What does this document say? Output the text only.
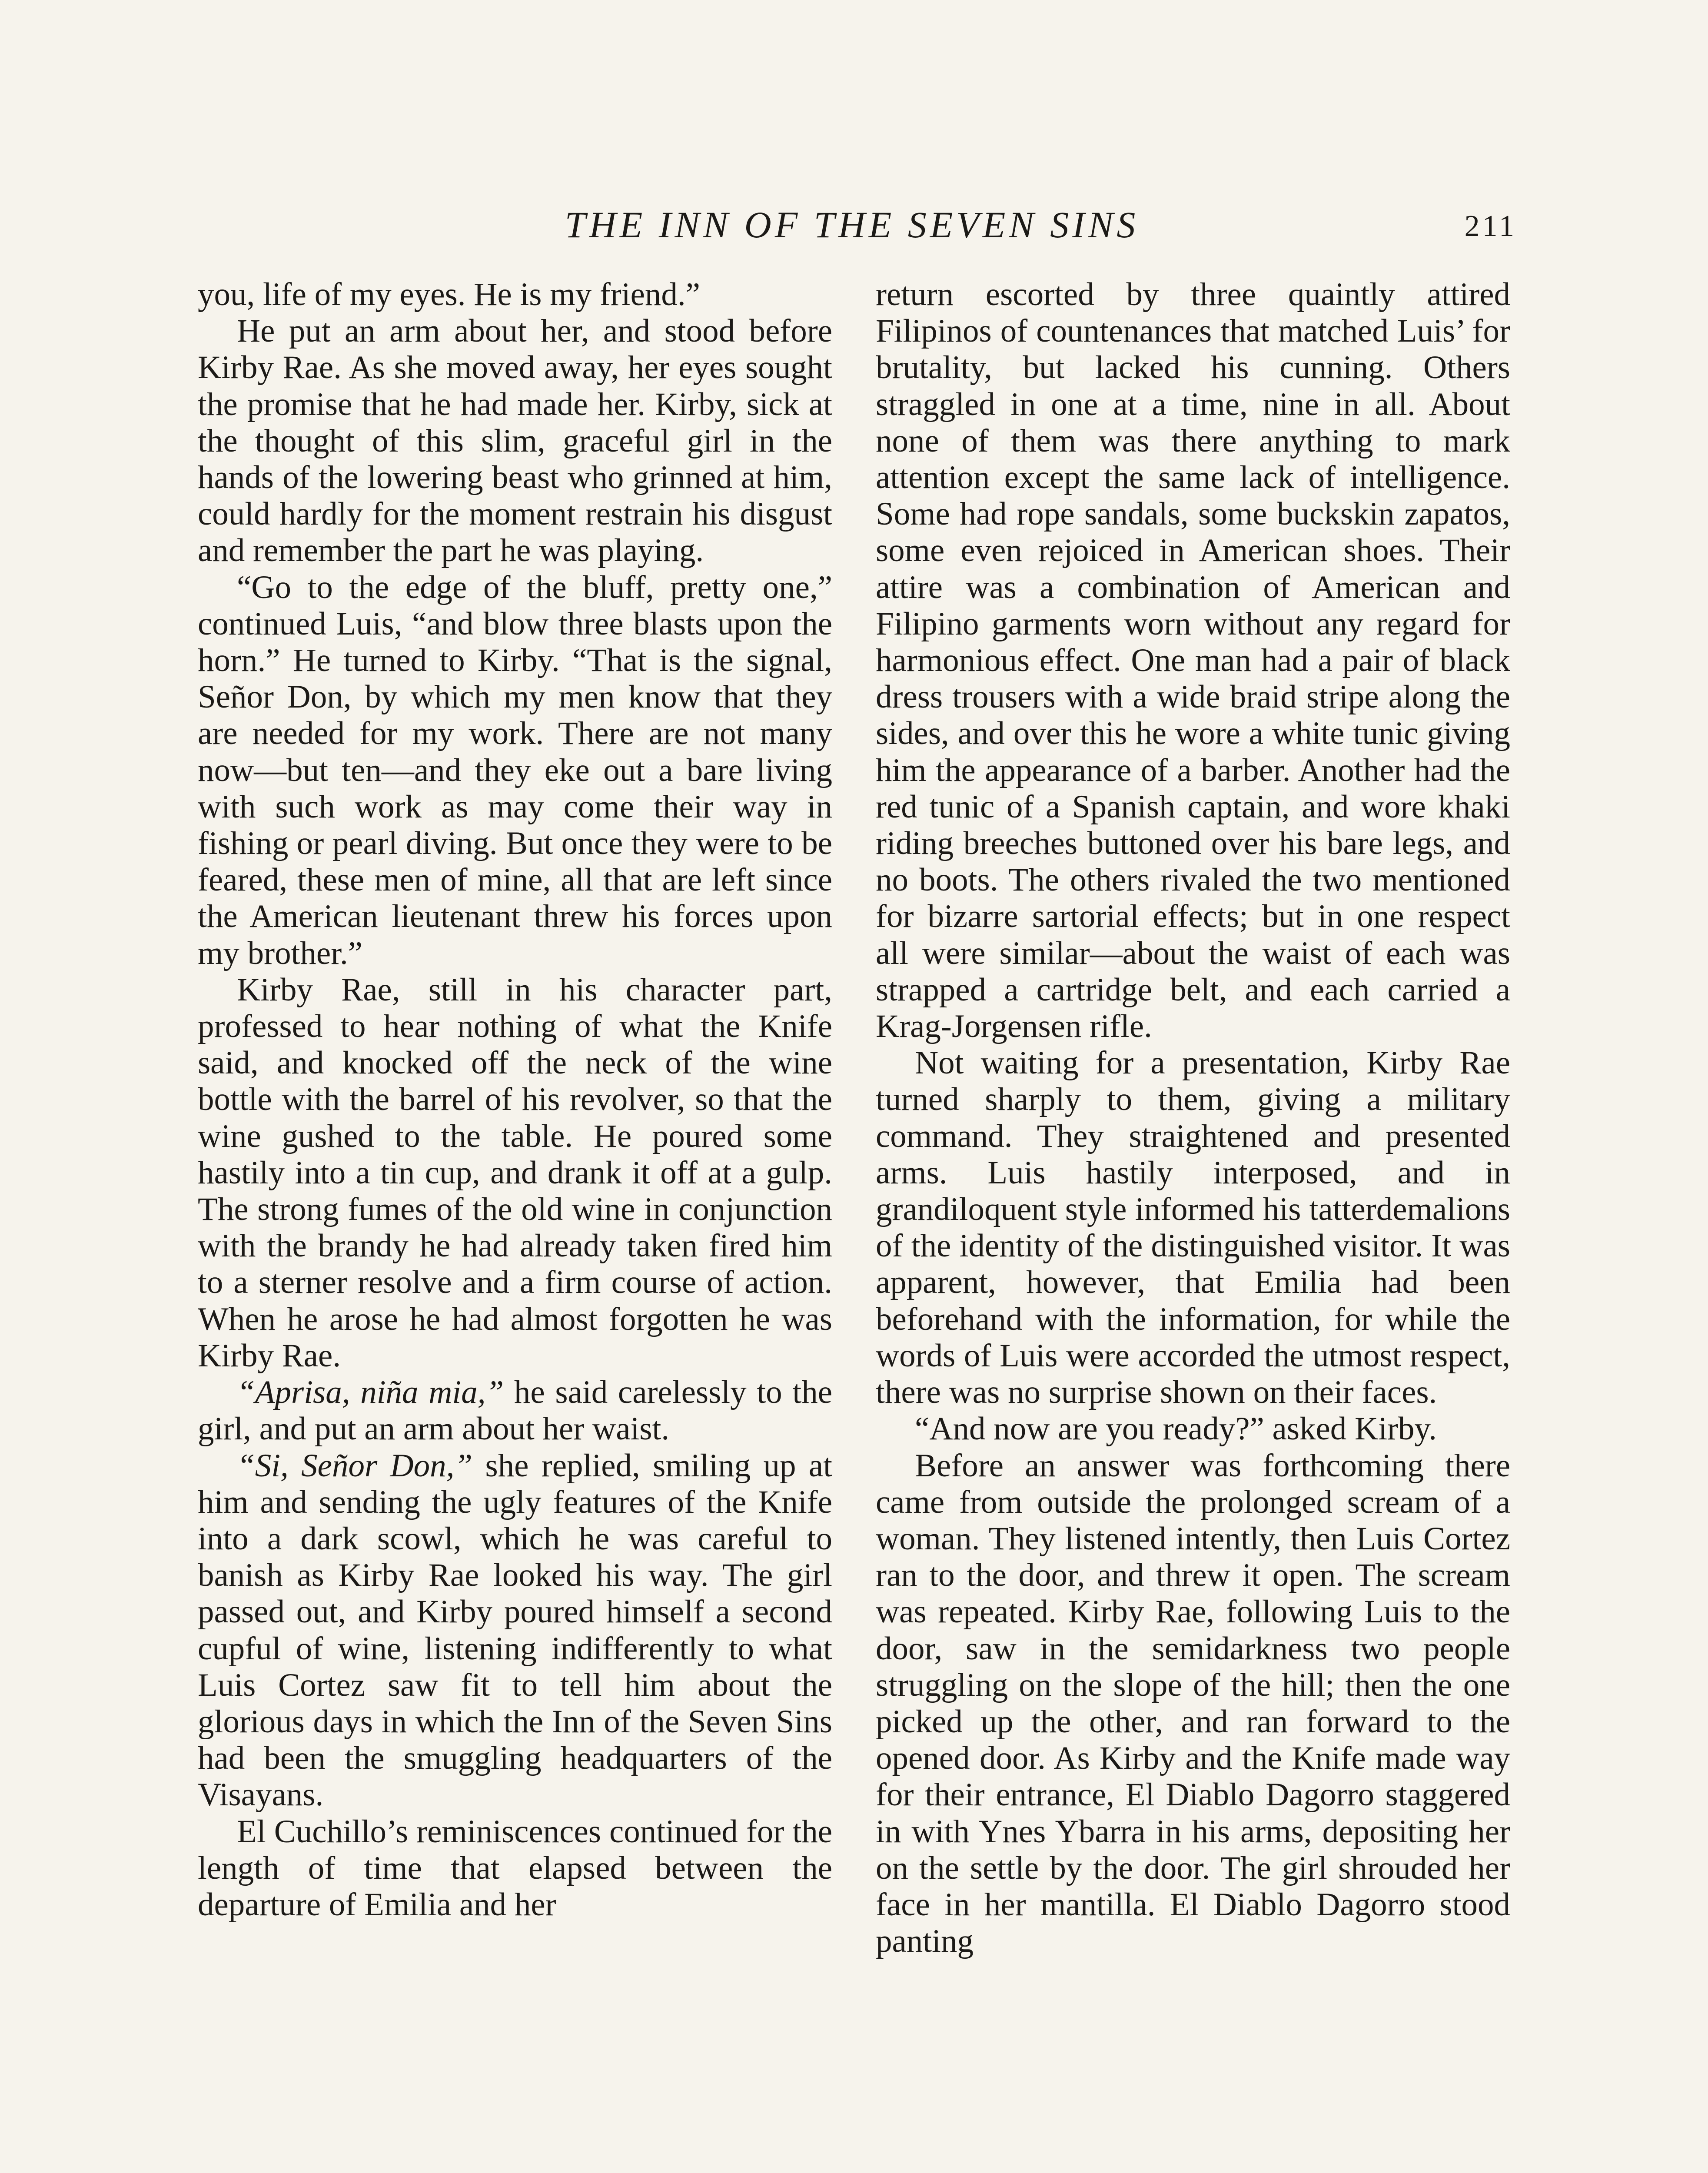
THE INN OF THE SEVEN SINS	211

you, life of my eyes. He is my friend.”

He put an arm about her, and stood before Kirby Rae. As she moved away, her eyes sought the promise that he had made her. Kirby, sick at the thought of this slim, graceful girl in the hands of the lowering beast who grinned at him, could hardly for the moment restrain his disgust and remember the part he was playing.

“Go to the edge of the bluff, pretty one,” continued Luis, “and blow three blasts upon the horn.” He turned to Kirby. “That is the signal, Señor Don, by which my men know that they are needed for my work. There are not many now—but ten—and they eke out a bare living with such work as may come their way in fishing or pearl diving. But once they were to be feared, these men of mine, all that are left since the American lieutenant threw his forces upon my brother.”

Kirby Rae, still in his character part, professed to hear nothing of what the Knife said, and knocked off the neck of the wine bottle with the barrel of his revolver, so that the wine gushed to the table. He poured some hastily into a tin cup, and drank it off at a gulp. The strong fumes of the old wine in conjunction with the brandy he had already taken fired him to a sterner resolve and a firm course of action. When he arose he had almost forgotten he was Kirby Rae.

“Aprisa, niña mia,” he said carelessly to the girl, and put an arm about her waist.

“Si, Señor Don,” she replied, smiling up at him and sending the ugly features of the Knife into a dark scowl, which he was careful to banish as Kirby Rae looked his way. The girl passed out, and Kirby poured himself a second cupful of wine, listening indifferently to what Luis Cortez saw fit to tell him about the glorious days in which the Inn of the Seven Sins had been the smuggling headquarters of the Visayans.

El Cuchillo’s reminiscences continued for the length of time that elapsed between the departure of Emilia and her

return escorted by three quaintly attired Filipinos of countenances that matched Luis’ for brutality, but lacked his cunning. Others straggled in one at a time, nine in all. About none of them was there anything to mark attention except the same lack of intelligence. Some had rope sandals, some buckskin zapatos, some even rejoiced in American shoes. Their attire was a combination of American and Filipino garments worn without any regard for harmonious effect. One man had a pair of black dress trousers with a wide braid stripe along the sides, and over this he wore a white tunic giving him the appearance of a barber. Another had the red tunic of a Spanish captain, and wore khaki riding breeches buttoned over his bare legs, and no boots. The others rivaled the two mentioned for bizarre sartorial effects; but in one respect all were similar—about the waist of each was strapped a cartridge belt, and each carried a Krag-Jorgensen rifle.

Not waiting for a presentation, Kirby Rae turned sharply to them, giving a military command. They straightened and presented arms. Luis hastily interposed, and in grandiloquent style informed his tatterdemalions of the identity of the distinguished visitor. It was apparent, however, that Emilia had been beforehand with the information, for while the words of Luis were accorded the utmost respect, there was no surprise shown on their faces.

“And now are you ready?” asked Kirby.

Before an answer was forthcoming there came from outside the prolonged scream of a woman. They listened intently, then Luis Cortez ran to the door, and threw it open. The scream was repeated. Kirby Rae, following Luis to the door, saw in the semidarkness two people struggling on the slope of the hill; then the one picked up the other, and ran forward to the opened door. As Kirby and the Knife made way for their entrance, El Diablo Dagorro staggered in with Ynes Ybarra in his arms, depositing her on the settle by the door. The girl shrouded her face in her mantilla. El Diablo Dagorro stood panting
